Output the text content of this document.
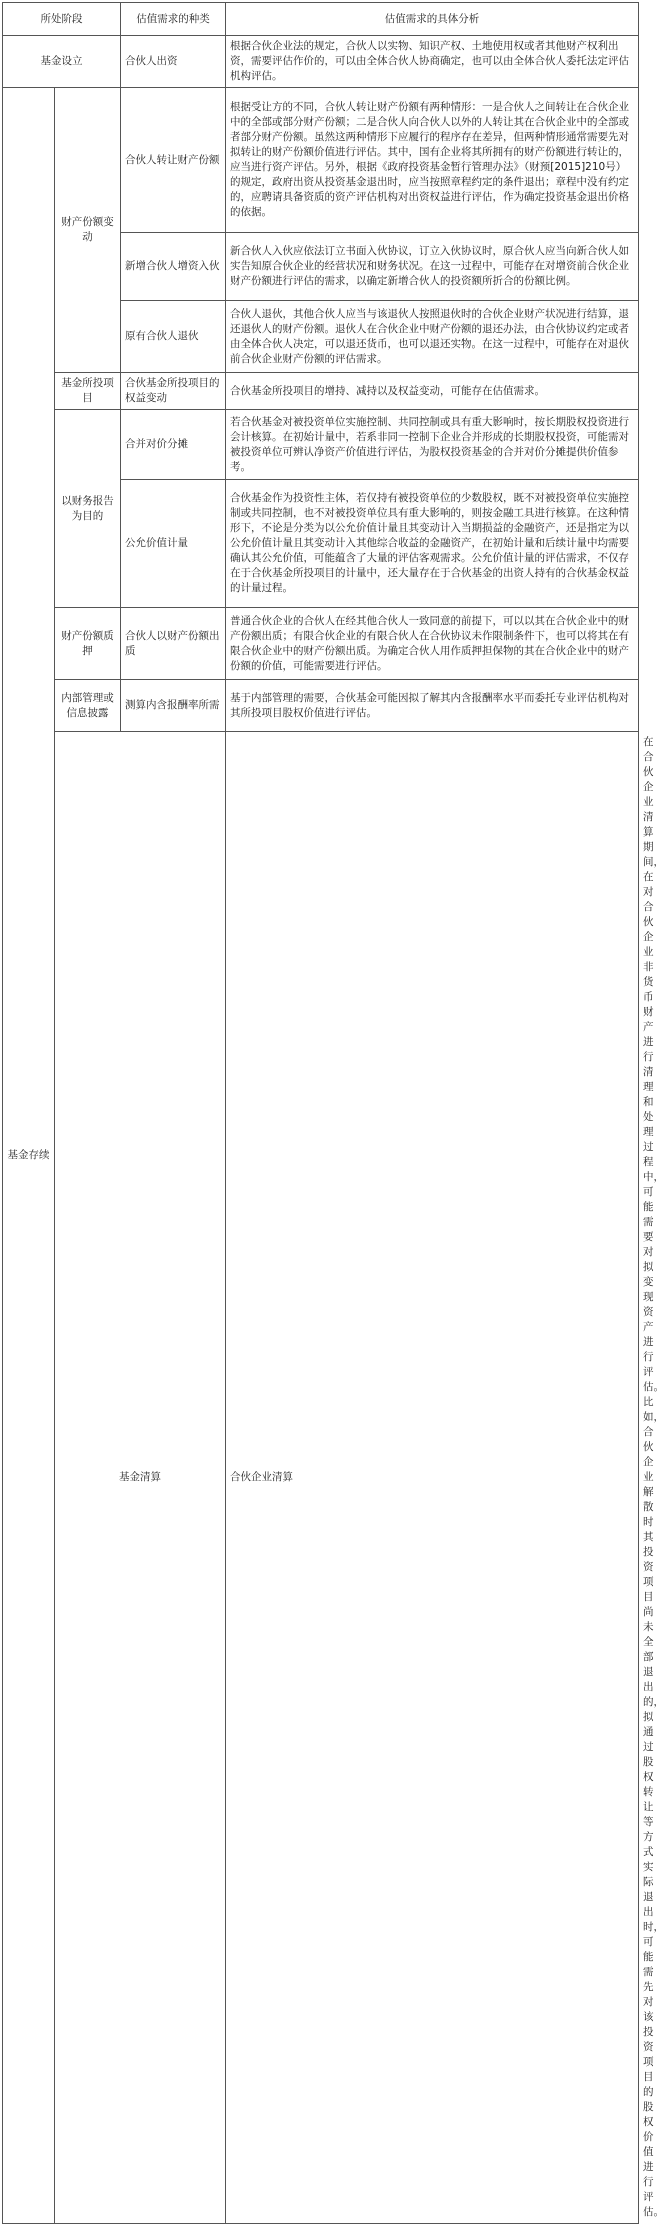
所处阶段		估值需求的种类	估值需求的具体分析	
基金设立		合伙人出资	根据合伙企业法的规定，合伙人以实物、知识产权、土地使用权或者其他财产权利出资，需要评估作价的，可以由全体合伙人协商确定，也可以由全体合伙人委托法定评估机构评估。	
基金存续	财产份额变动	合伙人转让财产份额	根据受让方的不同，合伙人转让财产份额有两种情形：一是合伙人之间转让在合伙企业中的全部或部分财产份额；二是合伙人向合伙人以外的人转让其在合伙企业中的全部或者部分财产份额。虽然这两种情形下应履行的程序存在差异，但两种情形通常需要先对拟转让的财产份额价值进行评估。其中，国有企业将其所拥有的财产份额进行转让的，应当进行资产评估。另外，根据《政府投资基金暂行管理办法》（财预[2015]210号）的规定，政府出资从投资基金退出时，应当按照章程约定的条件退出；章程中没有约定的，应聘请具备资质的资产评估机构对出资权益进行评估，作为确定投资基金退出价格的依据。	
		新增合伙人增资入伙	新合伙人入伙应依法订立书面入伙协议，订立入伙协议时，原合伙人应当向新合伙人如实告知原合伙企业的经营状况和财务状况。在这一过程中，可能存在对增资前合伙企业财产份额进行评估的需求，以确定新增合伙人的投资额所折合的份额比例。	
		原有合伙人退伙	合伙人退伙，其他合伙人应当与该退伙人按照退伙时的合伙企业财产状况进行结算，退还退伙人的财产份额。退伙人在合伙企业中财产份额的退还办法，由合伙协议约定或者由全体合伙人决定，可以退还货币，也可以退还实物。在这一过程中，可能存在对退伙前合伙企业财产份额的评估需求。	
	基金所投项目	合伙基金所投项目的权益变动	合伙基金所投项目的增持、减持以及权益变动，可能存在估值需求。	
	以财务报告为目的	合并对价分摊	若合伙基金对被投资单位实施控制、共同控制或具有重大影响时，按长期股权投资进行会计核算。在初始计量中，若系非同一控制下企业合并形成的长期股权投资，可能需对被投资单位可辨认净资产价值进行评估，为股权投资基金的合并对价分摊提供价值参考。	
		公允价值计量	合伙基金作为投资性主体，若仅持有被投资单位的少数股权，既不对被投资单位实施控制或共同控制，也不对被投资单位具有重大影响的，则按金融工具进行核算。在这种情形下，不论是分类为以公允价值计量且其变动计入当期损益的金融资产，还是指定为以公允价值计量且其变动计入其他综合收益的金融资产，在初始计量和后续计量中均需要确认其公允价值，可能蕴含了大量的评估客观需求。公允价值计量的评估需求，不仅存在于合伙基金所投项目的计量中，还大量存在于合伙基金的出资人持有的合伙基金权益的计量过程。	
	财产份额质押	合伙人以财产份额出质	普通合伙企业的合伙人在经其他合伙人一致同意的前提下，可以以其在合伙企业中的财产份额出质；有限合伙企业的有限合伙人在合伙协议未作限制条件下，也可以将其在有限合伙企业中的财产份额出质。为确定合伙人用作质押担保物的其在合伙企业中的财产份额的价值，可能需要进行评估。	
	内部管理或信息披露	测算内含报酬率所需	基于内部管理的需要，合伙基金可能因拟了解其内含报酬率水平而委托专业评估机构对其所投项目股权价值进行评估。	
	基金清算		合伙企业清算	在合伙企业清算期间，在对合伙企业非货币财产进行清理和处理过程中，可能需要对拟变现资产进行评估。比如，合伙企业解散时其投资项目尚未全部退出的，拟通过股权转让等方式实际退出时，可能需先对该投资项目的股权价值进行评估。
